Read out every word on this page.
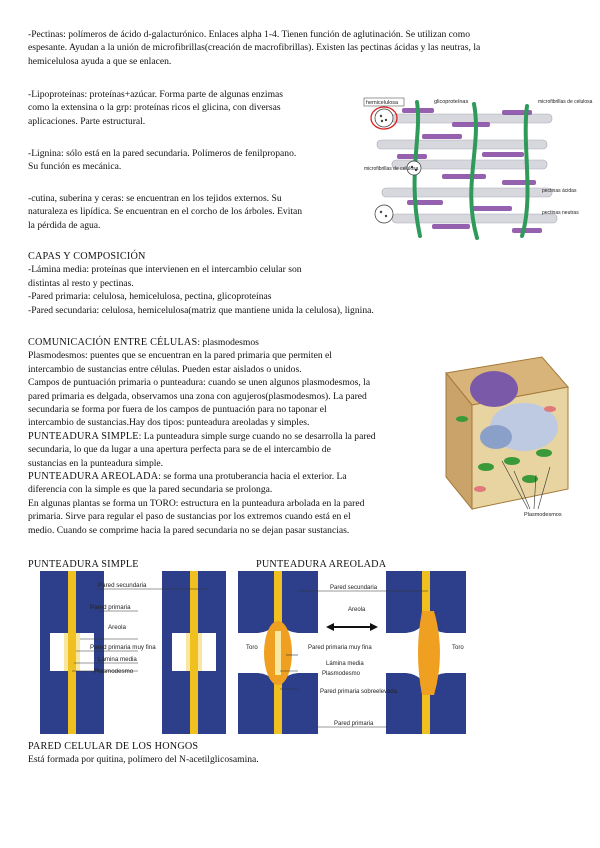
-Pectinas: polímeros de ácido d-galacturónico. Enlaces alpha 1-4. Tienen función de aglutinación. Se utilizan como
espesante. Ayudan a la unión de microfibrillas(creación de macrofibrillas). Existen las pectinas ácidas y las neutras, la
hemicelulosa ayuda a que se enlacen.
-Lipoproteínas: proteínas+azúcar. Forma parte de algunas enzimas
como la extensina o la grp: proteínas ricos el glicina, con diversas
aplicaciones. Parte estructural.
-Lignina: sólo está en la pared secundaria. Polímeros de fenilpropano.
Su función es mecánica.
-cutina, suberina y ceras: se encuentran en los tejidos externos. Su
naturaleza es lipídica. Se encuentran en el corcho de los árboles. Evitan
la pérdida de agua.
CAPAS Y COMPOSICIÓN
-Lámina media: proteínas que intervienen en el intercambio celular son
distintas al resto y pectinas.
-Pared primaria: celulosa, hemicelulosa, pectina, glicoproteínas
-Pared secundaria: celulosa, hemicelulosa(matriz que mantiene unida la celulosa), lignina.
COMUNICACIÓN ENTRE CÉLULAS: plasmodesmos
Plasmodesmos: puentes que se encuentran en la pared primaria que permiten el
intercambio de sustancias entre células. Pueden estar aislados o unidos.
Campos de puntuación primaria o punteadura: cuando se unen algunos plasmodesmos, la
pared primaria es delgada, observamos una zona con agujeros(plasmodesmos). La pared
secundaria se forma por fuera de los campos de puntuación para no taponar el
intercambio de sustancias.Hay dos tipos: punteadura areoladas y simples.
PUNTEADURA SIMPLE: La punteadura simple surge cuando no se desarrolla la pared
secundaria, lo que da lugar a una apertura perfecta para se de el intercambio de
sustancias en la punteadura simple.
PUNTEADURA AREOLADA: se forma una protuberancia hacia el exterior. La
diferencia con la simple es que la pared secundaria se prolonga.
En algunas plantas se forma un TORO: estructura en la punteadura arbolada en la pared
primaria. Sirve para regular el paso de sustancias por los extremos cuando está en el
medio. Cuando se comprime hacia la pared secundaria no se dejan pasar sustancias.
PUNTEADURA SIMPLE	PUNTEADURA AREOLADA
hemicelulosa	glicoproteínas	microfibrillas de celulosa
microfibrillas de celulosa
pectinas ácidas
pectinas neutras
Plasmodesmos
Pared secundaria
Pared primaria
Areola
Pared primaria muy fina
Lámina media
Plasmodesmo
Pared secundaria
Areola
Toro	Toro
Pared primaria muy fina
Lámina media
Plasmodesmo
Pared primaria sobreelevada
Pared primaria
PARED CELULAR DE LOS HONGOS
Está formada por quitina, polímero del N-acetilglicosamina.
